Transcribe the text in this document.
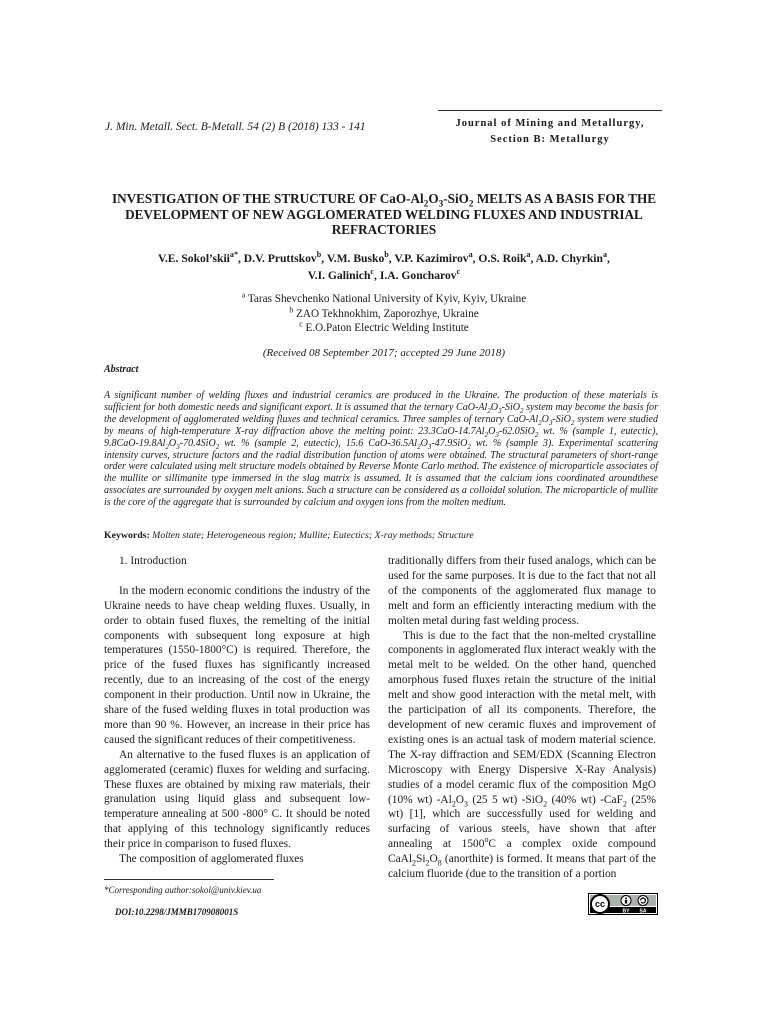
J. Min. Metall. Sect. B-Metall. 54 (2) B (2018) 133 - 141	Journal of Mining and Metallurgy,
Section B: Metallurgy
INVESTIGATION OF THE STRUCTURE OF CaO-$Al_2O_3-SiO_2$ MELTS AS A BASIS FOR THE DEVELOPMENT OF NEW AGGLOMERATED WELDING FLUXES AND INDUSTRIAL REFRACTORIES
V.E. Sokol’skii$^{a*}$, D.V. Pruttskov$^b$, V.M. Busko$^b$, V.P. Kazimirov$^a$, O.S. Roik$^a$, A.D. Chyrkin$^a$,
V.I. Galinich$^c$, I.A. Goncharov$^c$
$^a$ Taras Shevchenko National University of Kyiv, Kyiv, Ukraine
$^b$ ZAO Tekhnokhim, Zaporozhye, Ukraine
$^c$ E.O.Paton Electric Welding Institute
(Received 08 September 2017; accepted 29 June 2018)
Abstract
A significant number of welding fluxes and industrial ceramics are produced in the Ukraine. The production of these materials is sufficient for both domestic needs and significant export. It is assumed that the ternary CaO-$Al_2O_3-SiO_2$ system may become the basis for the development of agglomerated welding fluxes and technical ceramics. Three samples of ternary CaO-$Al_2O_3-SiO_2$ system were studied by means of high-temperature X-ray diffraction above the melting point: $23.3CaO-14.7Al_2O_3-62.0SiO_2$ wt. % (sample 1, eutectic), $9.8CaO-19.8Al_2O_3-70.4SiO_2$ wt. % (sample 2, eutectic), 15.6 CaO-$36.5Al_2O_3-47.9SiO_2$ wt. % (sample 3). Experimental scattering intensity curves, structure factors and the radial distribution function of atoms were obtained. The structural parameters of short-range order were calculated using melt structure models obtained by Reverse Monte Carlo method. The existence of microparticle associates of the mullite or sillimanite type immersed in the slag matrix is assumed. It is assumed that the calcium ions coordinated aroundthese associates are surrounded by oxygen melt anions. Such a structure can be considered as a colloidal solution. The microparticle of mullite is the core of the aggregate that is surrounded by calcium and oxygen ions from the molten medium.
Keywords: Molten state; Heterogeneous region; Mullite; Eutectics; X-ray methods; Structure

1. Introduction

In the modern economic conditions the industry of the Ukraine needs to have cheap welding fluxes. Usually, in order to obtain fused fluxes, the remelting of the initial components with subsequent long exposure at high temperatures (1550-1800°C) is required. Therefore, the price of the fused fluxes has significantly increased recently, due to an increasing of the cost of the energy component in their production. Until now in Ukraine, the share of the fused welding fluxes in total production was more than 90 %. However, an increase in their price has caused the significant reduces of their competitiveness.

An alternative to the fused fluxes is an application of agglomerated (ceramic) fluxes for welding and surfacing. These fluxes are obtained by mixing raw materials, their granulation using liquid glass and subsequent low-temperature annealing at 500 -800° C. It should be noted that applying of this technology significantly reduces their price in comparison to fused fluxes.

The composition of agglomerated fluxes

traditionally differs from their fused analogs, which can be used for the same purposes. It is due to the fact that not all of the components of the agglomerated flux manage to melt and form an efficiently interacting medium with the molten metal during fast welding process.

This is due to the fact that the non-melted crystalline components in agglomerated flux interact weakly with the metal melt to be welded. On the other hand, quenched amorphous fused fluxes retain the structure of the initial melt and show good interaction with the metal melt, with the participation of all its components. Therefore, the development of new ceramic fluxes and improvement of existing ones is an actual task of modern material science. The X-ray diffraction and SEM/EDX (Scanning Electron Microscopy with Energy Dispersive X-Ray Analysis) studies of a model ceramic flux of the composition MgO (10% wt) $-Al_2O_3$ (25 5 wt) -SiO$_2$ (40% wt) -CaF$_2$ (25% wt) [1], which are successfully used for welding and surfacing of various steels, have shown that after annealing at 1500$^o$C a complex oxide compound $CaAl_2Si_2O_8$ (anorthite) is formed. It means that part of the calcium fluoride (due to the transition of a portion

*Corresponding author:sokol@univ.kiev.ua
DOI:10.2298/JMMB170908001S
cc
BY SA
